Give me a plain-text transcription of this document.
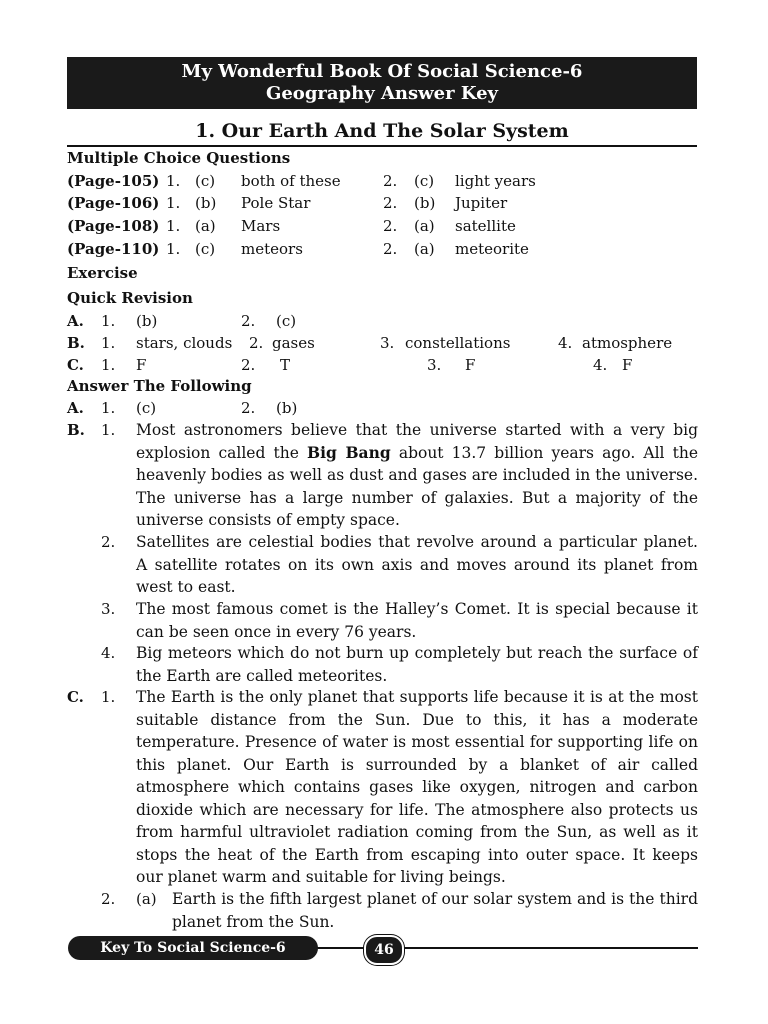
My Wonderful Book Of Social Science-6
Geography Answer Key
1. Our Earth And The Solar System
Multiple Choice Questions
(Page-105) 1. (c) both of these	2. (c) light years
(Page-106) 1. (b) Pole Star	2. (b) Jupiter
(Page-108) 1. (a) Mars	2. (a) satellite
(Page-110) 1. (c) meteors	2. (a) meteorite
Exercise
Quick Revision
A. 1. (b)	2. (c)
B. 1. stars, clouds 2. gases	3. constellations	4. atmosphere
C. 1. F	2. T	3. F	4. F
Answer The Following
A. 1. (c)	2. (b)
B. 1. Most astronomers believe that the universe started with a very big explosion called the Big Bang about 13.7 billion years ago. All the heavenly bodies as well as dust and gases are included in the universe. The universe has a large number of galaxies. But a majority of the universe consists of empty space.
2. Satellites are celestial bodies that revolve around a particular planet. A satellite rotates on its own axis and moves around its planet from west to east.
3. The most famous comet is the Halley’s Comet. It is special because it can be seen once in every 76 years.
4. Big meteors which do not burn up completely but reach the surface of the Earth are called meteorites.
C. 1. The Earth is the only planet that supports life because it is at the most suitable distance from the Sun. Due to this, it has a moderate temperature. Presence of water is most essential for supporting life on this planet. Our Earth is surrounded by a blanket of air called atmosphere which contains gases like oxygen, nitrogen and carbon dioxide which are necessary for life. The atmosphere also protects us from harmful ultraviolet radiation coming from the Sun, as well as it stops the heat of the Earth from escaping into outer space. It keeps our planet warm and suitable for living beings.
2. (a) Earth is the fifth largest planet of our solar system and is the third planet from the Sun.
Key To Social Science-6	46
